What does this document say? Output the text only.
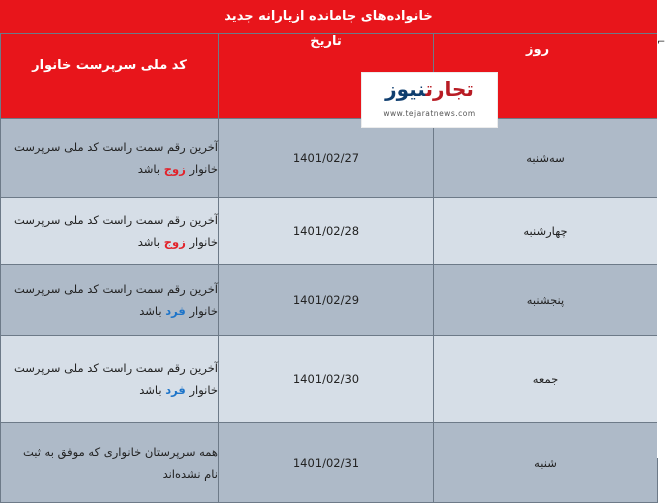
خانواده‌های جامانده ازیارانه جدید
کد ملی سرپرست خانوار	تاریخ	روز

آخرین رقم سمت راست کد ملی سرپرست
خانوار زوج باشد	1401/02/27	سه‌شنبه

آخرین رقم سمت راست کد ملی سرپرست
خانوار زوج باشد	1401/02/28	چهارشنبه

آخرین رقم سمت راست کد ملی سرپرست
خانوار فرد باشد	1401/02/29	پنجشنبه

آخرین رقم سمت راست کد ملی سرپرست
خانوار فرد باشد	1401/02/30	جمعه

همه سرپرستان خانواری که موفق به ثبت
نام نشده‌اند	1401/02/31	شنبه
⌐
تجارتنیوز
www.tejaratnews.com
